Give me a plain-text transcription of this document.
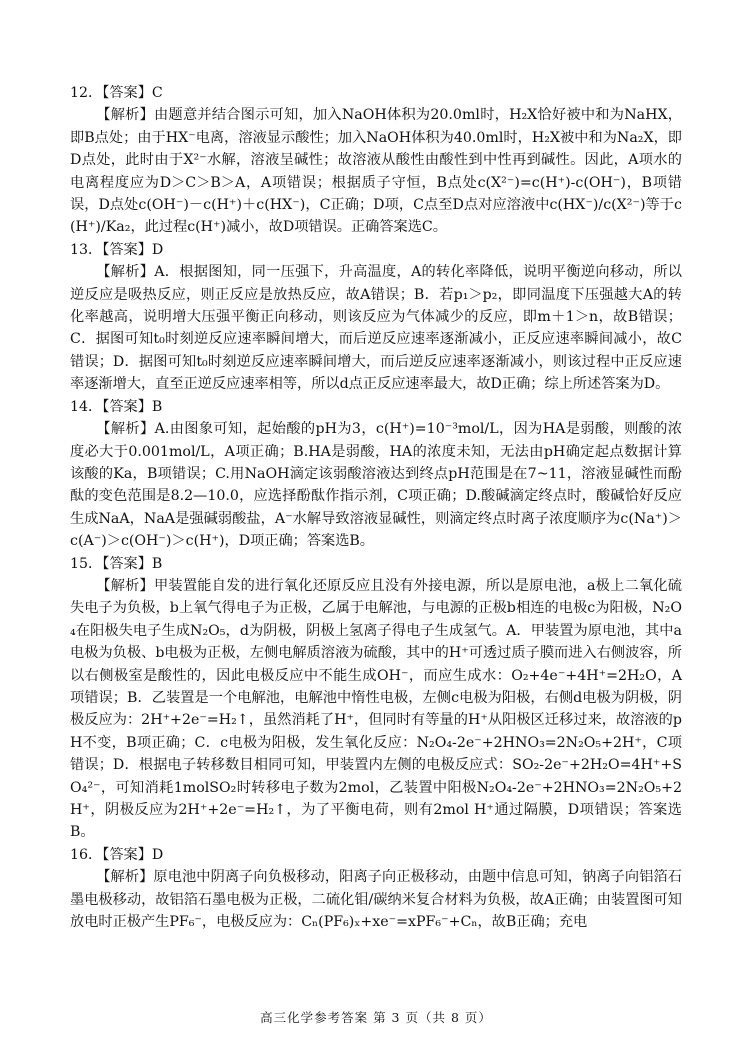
12．【答案】C

【解析】由题意并结合图示可知，加入NaOH体积为20.0ml时，H₂X恰好被中和为NaHX，即B点处；由于HX⁻电离，溶液显示酸性；加入NaOH体积为40.0ml时，H₂X被中和为Na₂X，即D点处，此时由于X²⁻水解，溶液呈碱性；故溶液从酸性由酸性到中性再到碱性。因此，A项水的电离程度应为D＞C＞B＞A，A项错误；根据质子守恒，B点处c(X²⁻)=c(H⁺)-c(OH⁻)，B项错误，D点处c(OH⁻)－c(H⁺)＋c(HX⁻)，C正确；D项，C点至D点对应溶液中c(HX⁻)/c(X²⁻)等于c(H⁺)/Ka₂，此过程c(H⁺)减小，故D项错误。正确答案选C。

13．【答案】D

【解析】A．根据图知，同一压强下，升高温度，A的转化率降低，说明平衡逆向移动，所以逆反应是吸热反应，则正反应是放热反应，故A错误；B．若p₁＞p₂，即同温度下压强越大A的转化率越高，说明增大压强平衡正向移动，则该反应为气体减少的反应，即m＋1＞n，故B错误；C．据图可知t₀时刻逆反应速率瞬间增大，而后逆反应速率逐渐减小，正反应速率瞬间减小，故C错误；D．据图可知t₀时刻逆反应速率瞬间增大，而后逆反应速率逐渐减小，则该过程中正反应速率逐渐增大，直至正逆反应速率相等，所以d点正反应速率最大，故D正确；综上所述答案为D。

14．【答案】B

【解析】A.由图象可知，起始酸的pH为3，c(H⁺)=10⁻³mol/L，因为HA是弱酸，则酸的浓度必大于0.001mol/L，A项正确；B.HA是弱酸，HA的浓度未知，无法由pH确定起点数据计算该酸的Ka，B项错误；C.用NaOH滴定该弱酸溶液达到终点pH范围是在7~11，溶液显碱性而酚酞的变色范围是8.2—10.0，应选择酚酞作指示剂，C项正确；D.酸碱滴定终点时，酸碱恰好反应生成NaA，NaA是强碱弱酸盐，A⁻水解导致溶液显碱性，则滴定终点时离子浓度顺序为c(Na⁺)＞c(A⁻)＞c(OH⁻)＞c(H⁺)，D项正确；答案选B。

15．【答案】B

【解析】甲装置能自发的进行氧化还原反应且没有外接电源，所以是原电池，a极上二氧化硫失电子为负极，b上氧气得电子为正极，乙属于电解池，与电源的正极b相连的电极c为阳极，N₂O₄在阳极失电子生成N₂O₅，d为阴极，阴极上氢离子得电子生成氢气。A．甲装置为原电池，其中a电极为负极、b电极为正极，左侧电解质溶液为硫酸，其中的H⁺可透过质子膜而进入右侧波容，所以右侧极室是酸性的，因此电极反应中不能生成OH⁻，而应生成水：O₂+4e⁻+4H⁺=2H₂O，A项错误；B．乙装置是一个电解池，电解池中惰性电极，左侧c电极为阳极，右侧d电极为阴极，阴极反应为：2H⁺+2e⁻=H₂↑，虽然消耗了H⁺，但同时有等量的H⁺从阳极区迁移过来，故溶液的pH不变，B项正确；C．c电极为阳极，发生氧化反应：N₂O₄-2e⁻+2HNO₃=2N₂O₅+2H⁺，C项错误；D．根据电子转移数目相同可知，甲装置内左侧的电极反应式：SO₂-2e⁻+2H₂O=4H⁺+SO₄²⁻，可知消耗1molSO₂时转移电子数为2mol，乙装置中阳极N₂O₄-2e⁻+2HNO₃=2N₂O₅+2H⁺，阴极反应为2H⁺+2e⁻=H₂↑，为了平衡电荷，则有2mol H⁺通过隔膜，D项错误；答案选B。

16．【答案】D

【解析】原电池中阴离子向负极移动，阳离子向正极移动，由题中信息可知，钠离子向铝箔石墨电极移动，故铝箔石墨电极为正极，二硫化钼/碳纳米复合材料为负极，故A正确；由装置图可知放电时正极产生PF₆⁻，电极反应为：Cₙ(PF₆)ₓ+xe⁻=xPF₆⁻+Cₙ，故B正确；充电

高三化学参考答案 第 3 页（共 8 页）
